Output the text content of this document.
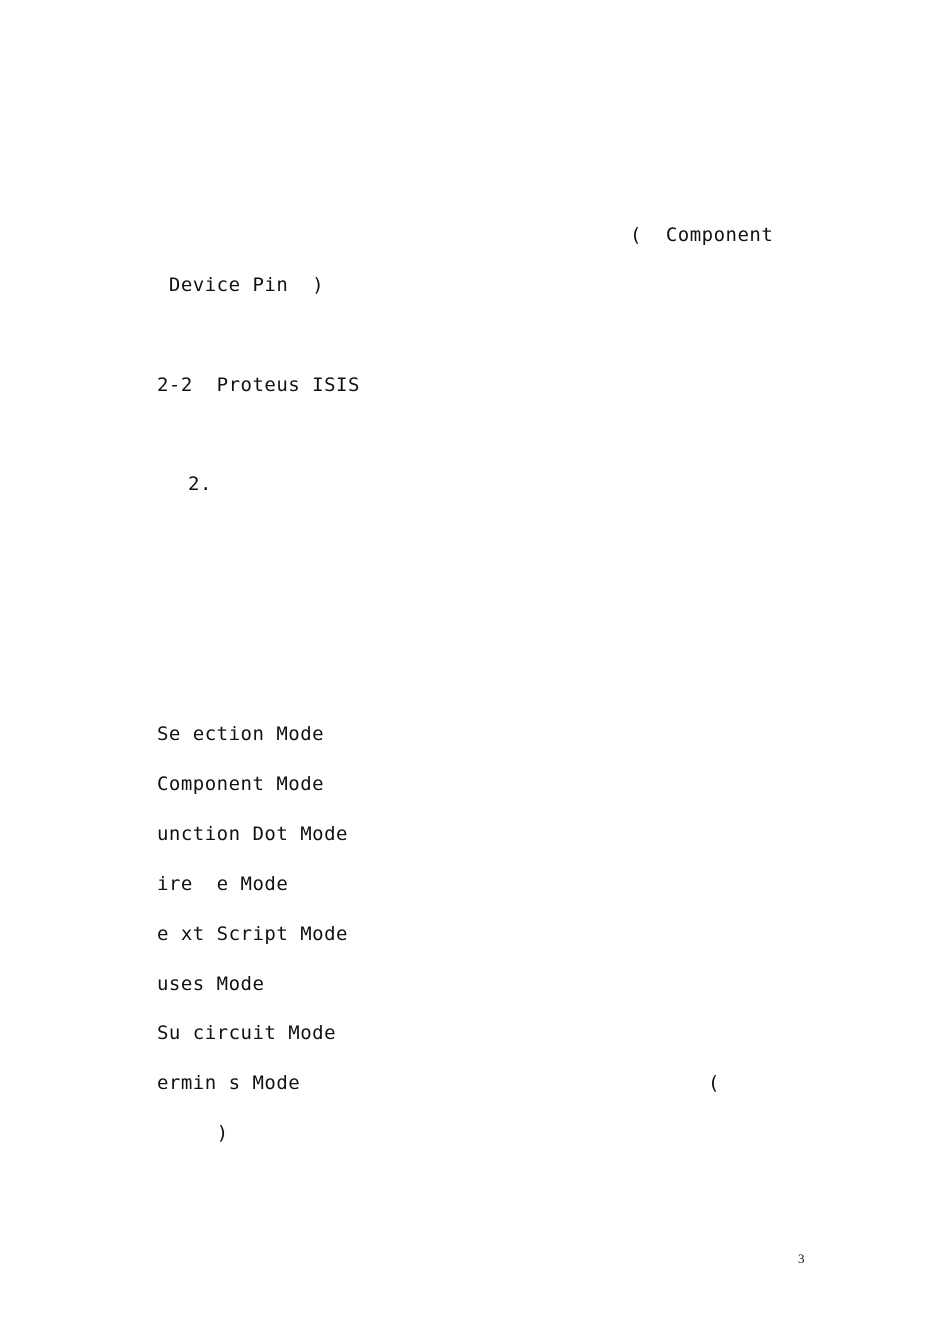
(  Component
Device Pin  )
2-2  Proteus ISIS
2.
Se ection Mode
Component Mode
unction Dot Mode
ire  e Mode
e xt Script Mode
uses Mode
Su circuit Mode
ermin s Mode	(
)
3
